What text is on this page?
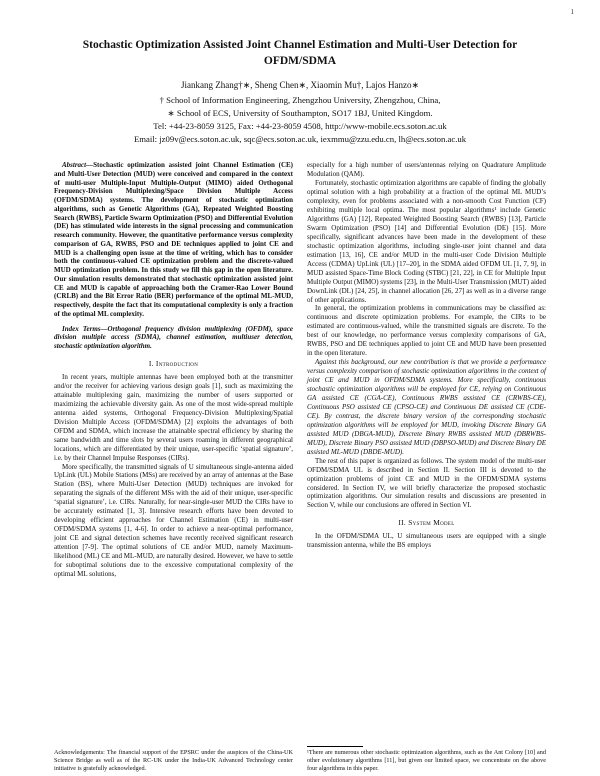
1
Stochastic Optimization Assisted Joint Channel Estimation and Multi-User Detection for OFDM/SDMA
Jiankang Zhang†∗, Sheng Chen∗, Xiaomin Mu†, Lajos Hanzo∗
† School of Information Engineering, Zhengzhou University, Zhengzhou, China,
∗ School of ECS, University of Southampton, SO17 1BJ, United Kingdom.
Tel: +44-23-8059 3125, Fax: +44-23-8059 4508, http://www-mobile.ecs.soton.ac.uk
Email: jz09v@ecs.soton.ac.uk, sqc@ecs.soton.ac.uk, iexmmu@zzu.edu.cn, lh@ecs.soton.ac.uk

Abstract—Stochastic optimization assisted joint Channel Estimation (CE) and Multi-User Detection (MUD) were conceived and compared in the context of multi-user Multiple-Input Multiple-Output (MIMO) aided Orthogonal Frequency-Division Multiplexing/Space Division Multiple Access (OFDM/SDMA) systems. The development of stochastic optimization algorithms, such as Genetic Algorithms (GA), Repeated Weighted Boosting Search (RWBS), Particle Swarm Optimization (PSO) and Differential Evolution (DE) has stimulated wide interests in the signal processing and communication research community. However, the quantitative performance versus complexity comparison of GA, RWBS, PSO and DE techniques applied to joint CE and MUD is a challenging open issue at the time of writing, which has to consider both the continuous-valued CE optimization problem and the discrete-valued MUD optimization problem. In this study we fill this gap in the open literature. Our simulation results demonstrated that stochastic optimization assisted joint CE and MUD is capable of approaching both the Cramer-Rao Lower Bound (CRLB) and the Bit Error Ratio (BER) performance of the optimal ML-MUD, respectively, despite the fact that its computational complexity is only a fraction of the optimal ML complexity.

Index Terms—Orthogonal frequency division multiplexing (OFDM), space division multiple access (SDMA), channel estimation, multiuser detection, stochastic optimization algorithm.

I. Introduction

In recent years, multiple antennas have been employed both at the transmitter and/or the receiver for achieving various design goals [1], such as maximizing the attainable multiplexing gain, maximizing the number of users supported or maximizing the achievable diversity gain. As one of the most wide-spread multiple antenna aided systems, Orthogonal Frequency-Division Multiplexing/Spatial Division Multiple Access (OFDM/SDMA) [2] exploits the advantages of both OFDM and SDMA, which increase the attainable spectral efficiency by sharing the same bandwidth and time slots by several users roaming in different geographical locations, which are differentiated by their unique, user-specific ‘spatial signature’, i.e. by their Channel Impulse Responses (CIRs).

More specifically, the transmitted signals of U simultaneous single-antenna aided UpLink (UL) Mobile Stations (MSs) are received by an array of antennas at the Base Station (BS), where Multi-User Detection (MUD) techniques are invoked for separating the signals of the different MSs with the aid of their unique, user-specific ‘spatial signature’, i.e. CIRs. Naturally, for near-single-user MUD the CIRs have to be accurately estimated [1, 3]. Intensive research efforts have been devoted to developing efficient approaches for Channel Estimation (CE) in multi-user OFDM/SDMA systems [1, 4-6]. In order to achieve a near-optimal performance, joint CE and signal detection schemes have recently received significant research attention [7-9]. The optimal solutions of CE and/or MUD, namely Maximum-likelihood (ML) CE and ML-MUD, are naturally desired. However, we have to settle for suboptimal solutions due to the excessive computational complexity of the optimal ML solutions,

Acknowledgements: The financial support of the EPSRC under the auspices of the China-UK Science Bridge as well as of the RC-UK under the India-UK Advanced Technology center initiative is gratefully acknowledged.

especially for a high number of users/antennas relying on Quadrature Amplitude Modulation (QAM).

Fortunately, stochastic optimization algorithms are capable of finding the globally optimal solution with a high probability at a fraction of the optimal ML MUD’s complexity, even for problems associated with a non-smooth Cost Function (CF) exhibiting multiple local optima. The most popular algorithms¹ include Genetic Algorithms (GA) [12], Repeated Weighted Boosting Search (RWBS) [13], Particle Swarm Optimization (PSO) [14] and Differential Evolution (DE) [15]. More specifically, significant advances have been made in the development of these stochastic optimization algorithms, including single-user joint channel and data estimation [13, 16], CE and/or MUD in the multi-user Code Division Multiple Access (CDMA) UpLink (UL) [17–20], in the SDMA aided OFDM UL [1, 7, 9], in MUD assisted Space-Time Block Coding (STBC) [21, 22], in CE for Multiple Input Multiple Output (MIMO) systems [23], in the Multi-User Transmission (MUT) aided DownLink (DL) [24, 25], in channel allocation [26, 27] as well as in a diverse range of other applications.

In general, the optimization problems in communications may be classified as: continuous and discrete optimization problems. For example, the CIRs to be estimated are continuous-valued, while the transmitted signals are discrete. To the best of our knowledge, no performance versus complexity comparisons of GA, RWBS, PSO and DE techniques applied to joint CE and MUD have been presented in the open literature.

Against this background, our new contribution is that we provide a performance versus complexity comparison of stochastic optimization algorithms in the context of joint CE and MUD in OFDM/SDMA systems. More specifically, continuous stochastic optimization algorithms will be employed for CE, relying on Continuous GA assisted CE (CGA-CE), Continuous RWBS assisted CE (CRWBS-CE), Continuous PSO assisted CE (CPSO-CE) and Continuous DE assisted CE (CDE-CE). By contrast, the discrete binary version of the corresponding stochastic optimization algorithms will be employed for MUD, invoking Discrete Binary GA assisted MUD (DBGA-MUD), Discrete Binary RWBS assisted MUD (DBRWBS-MUD), Discrete Binary PSO assisted MUD (DBPSO-MUD) and Discrete Binary DE assisted ML-MUD (DBDE-MUD).

The rest of this paper is organized as follows. The system model of the multi-user OFDM/SDMA UL is described in Section II. Section III is devoted to the optimization problems of joint CE and MUD in the OFDM/SDMA systems considered. In Section IV, we will briefly characterize the proposed stochastic optimization algorithms. Our simulation results and discussions are presented in Section V, while our conclusions are offered in Section VI.

II. System Model

In the OFDM/SDMA UL, U simultaneous users are equipped with a single transmission antenna, while the BS employs

¹There are numerous other stochastic optimization algorithms, such as the Ant Colony [10] and other evolutionary algorithms [11], but given our limited space, we concentrate on the above four algorithms in this paper.
